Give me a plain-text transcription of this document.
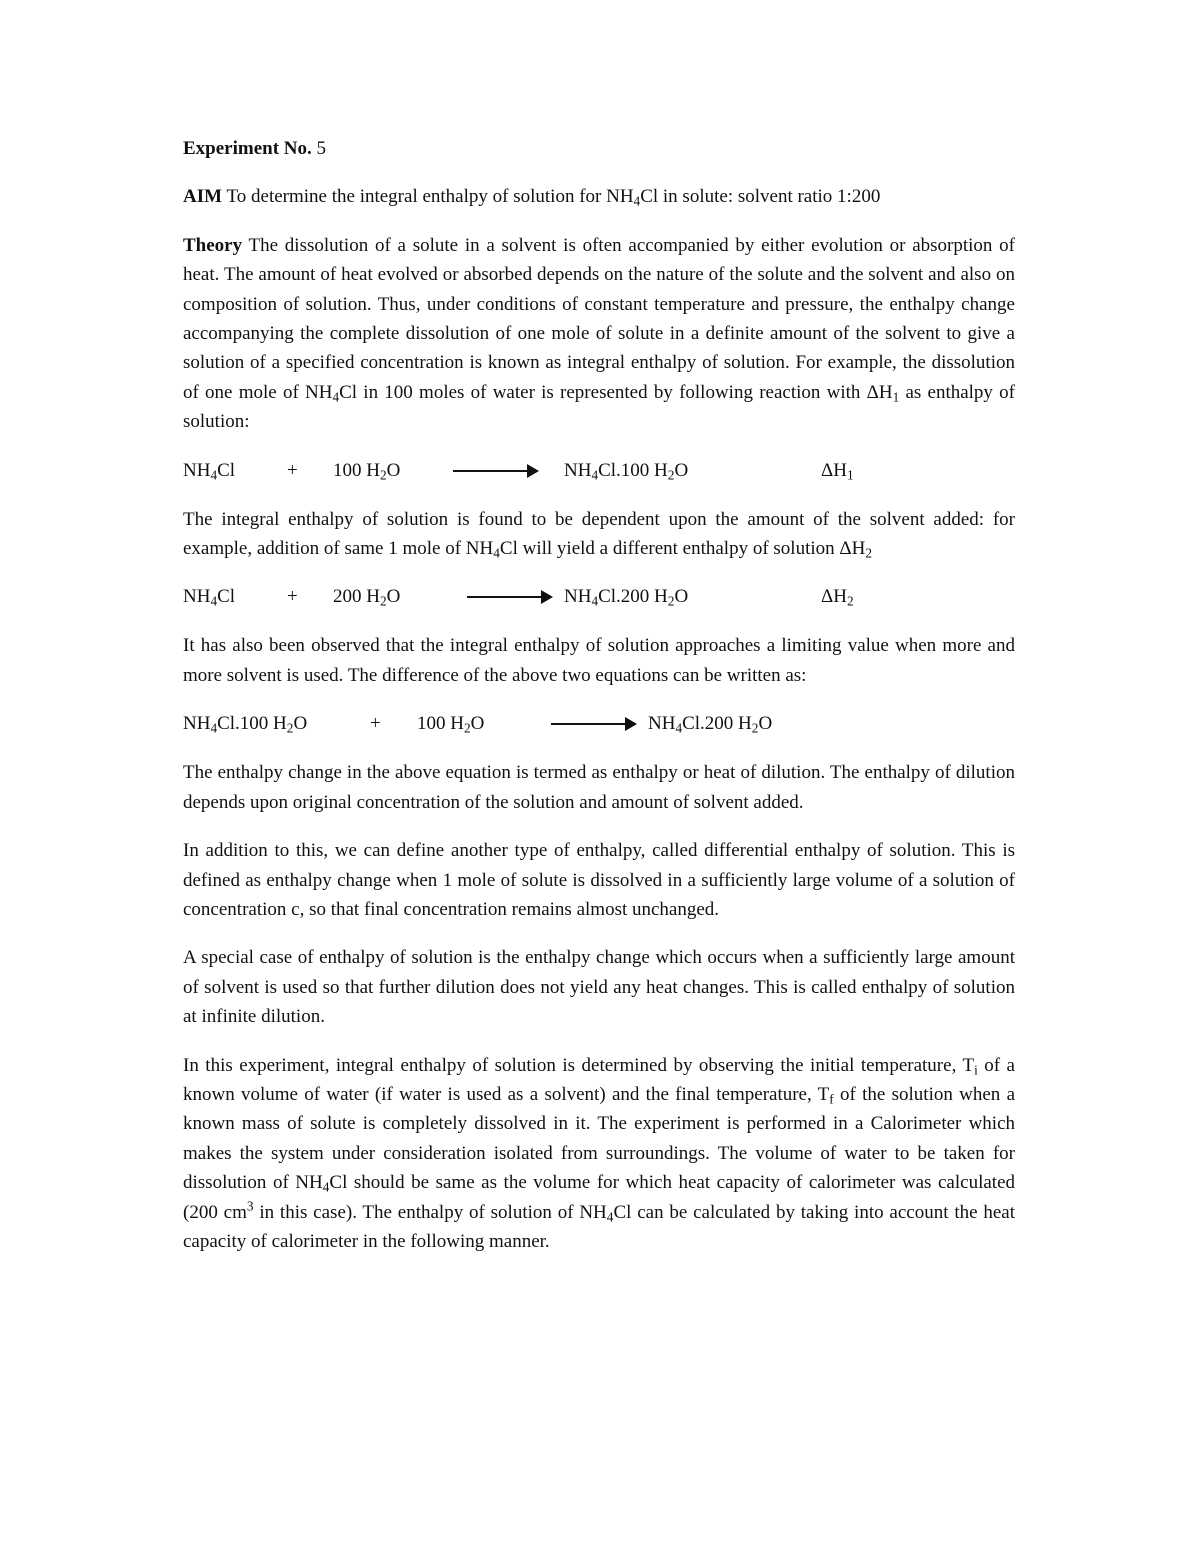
Experiment No. 5

AIM To determine the integral enthalpy of solution for $NH_4Cl$ in solute: solvent ratio 1:200

Theory The dissolution of a solute in a solvent is often accompanied by either evolution or absorption of heat. The amount of heat evolved or absorbed depends on the nature of the solute and the solvent and also on composition of solution. Thus, under conditions of constant temperature and pressure, the enthalpy change accompanying the complete dissolution of one mole of solute in a definite amount of the solvent to give a solution of a specified concentration is known as integral enthalpy of solution. For example, the dissolution of one mole of $NH_4Cl$ in 100 moles of water is represented by following reaction with $\Delta H_1$ as enthalpy of solution:

$NH_4Cl$	+ 100 $H_2O$	$NH_4Cl.100$ $H_2O$	$\Delta H_1$

The integral enthalpy of solution is found to be dependent upon the amount of the solvent added: for example, addition of same 1 mole of $NH_4Cl$ will yield a different enthalpy of solution $\Delta H_2$

$NH_4Cl$	+ 200 $H_2O$	$NH_4Cl.200$ $H_2O$	$\Delta H_2$

It has also been observed that the integral enthalpy of solution approaches a limiting value when more and more solvent is used. The difference of the above two equations can be written as:

$NH_4Cl.100$ $H_2O$	+ 100 $H_2O$	$NH_4Cl.200$ $H_2O$

The enthalpy change in the above equation is termed as enthalpy or heat of dilution. The enthalpy of dilution depends upon original concentration of the solution and amount of solvent added.

In addition to this, we can define another type of enthalpy, called differential enthalpy of solution. This is defined as enthalpy change when 1 mole of solute is dissolved in a sufficiently large volume of a solution of concentration c, so that final concentration remains almost unchanged.

A special case of enthalpy of solution is the enthalpy change which occurs when a sufficiently large amount of solvent is used so that further dilution does not yield any heat changes. This is called enthalpy of solution at infinite dilution.

In this experiment, integral enthalpy of solution is determined by observing the initial temperature, $T_i$ of a known volume of water (if water is used as a solvent) and the final temperature, $T_f$ of the solution when a known mass of solute is completely dissolved in it. The experiment is performed in a Calorimeter which makes the system under consideration isolated from surroundings. The volume of water to be taken for dissolution of $NH_4Cl$ should be same as the volume for which heat capacity of calorimeter was calculated (200 $cm^3$ in this case). The enthalpy of solution of $NH_4Cl$ can be calculated by taking into account the heat capacity of calorimeter in the following manner.
